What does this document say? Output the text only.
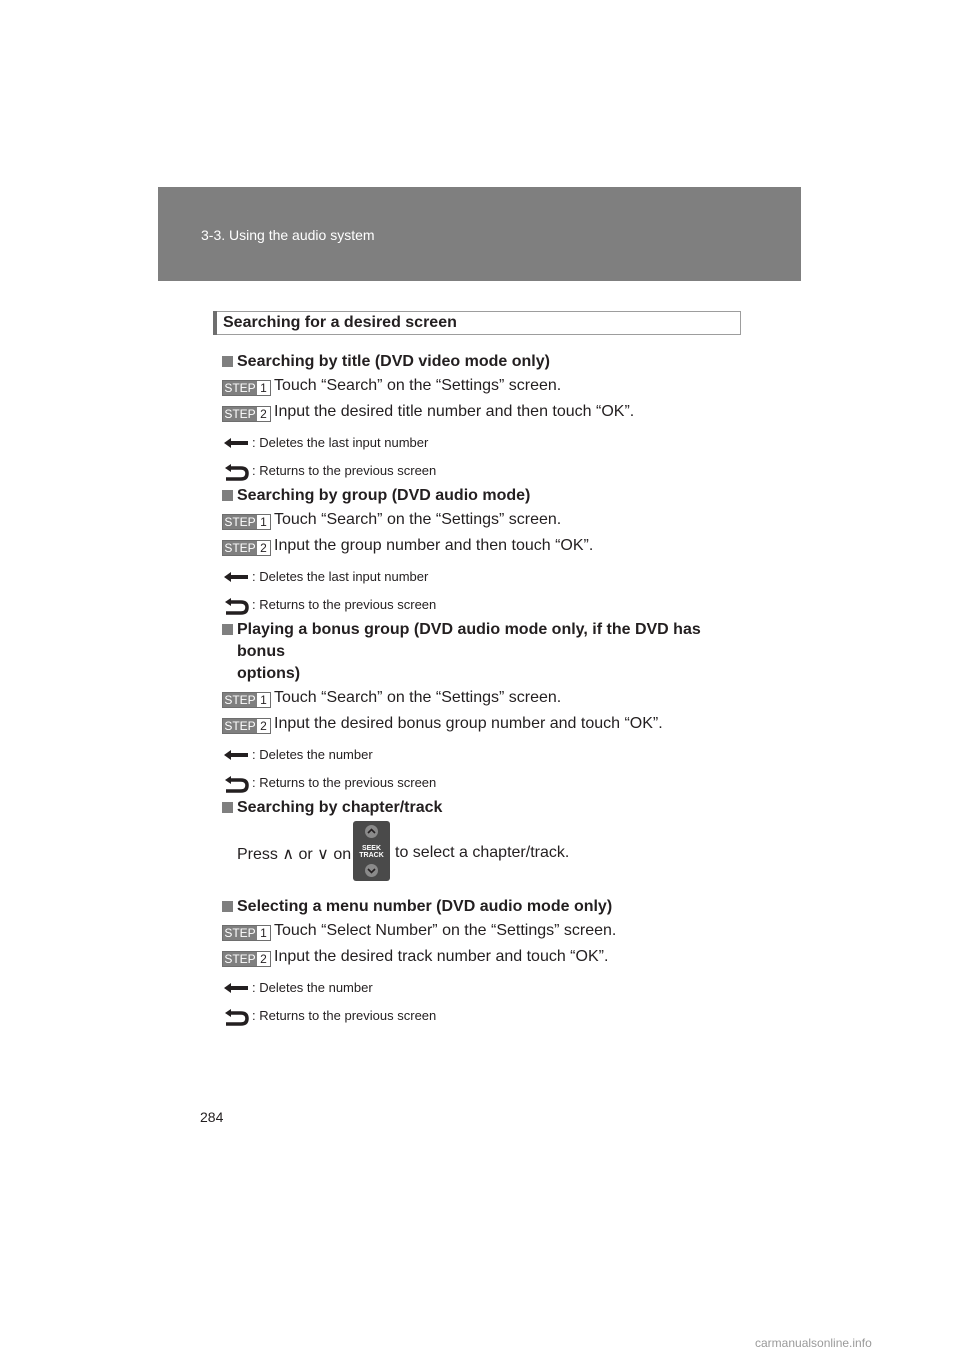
3-3. Using the audio system
Searching for a desired screen
Searching by title (DVD video mode only)
STEP 1 Touch “Search” on the “Settings” screen.
STEP 2 Input the desired title number and then touch “OK”.
: Deletes the last input number
: Returns to the previous screen
Searching by group (DVD audio mode)
STEP 1 Touch “Search” on the “Settings” screen.
STEP 2 Input the group number and then touch “OK”.
: Deletes the last input number
: Returns to the previous screen
Playing a bonus group (DVD audio mode only, if the DVD has bonus
options)
STEP 1 Touch “Search” on the “Settings” screen.
STEP 2 Input the desired bonus group number and touch “OK”.
: Deletes the number
: Returns to the previous screen
Searching by chapter/track
Press ∧ or ∨ on	SEEK
TRACK to select a chapter/track.
Selecting a menu number (DVD audio mode only)
STEP 1 Touch “Select Number” on the “Settings” screen.
STEP 2 Input the desired track number and touch “OK”.
: Deletes the number
: Returns to the previous screen
284
carmanualsonline.info
